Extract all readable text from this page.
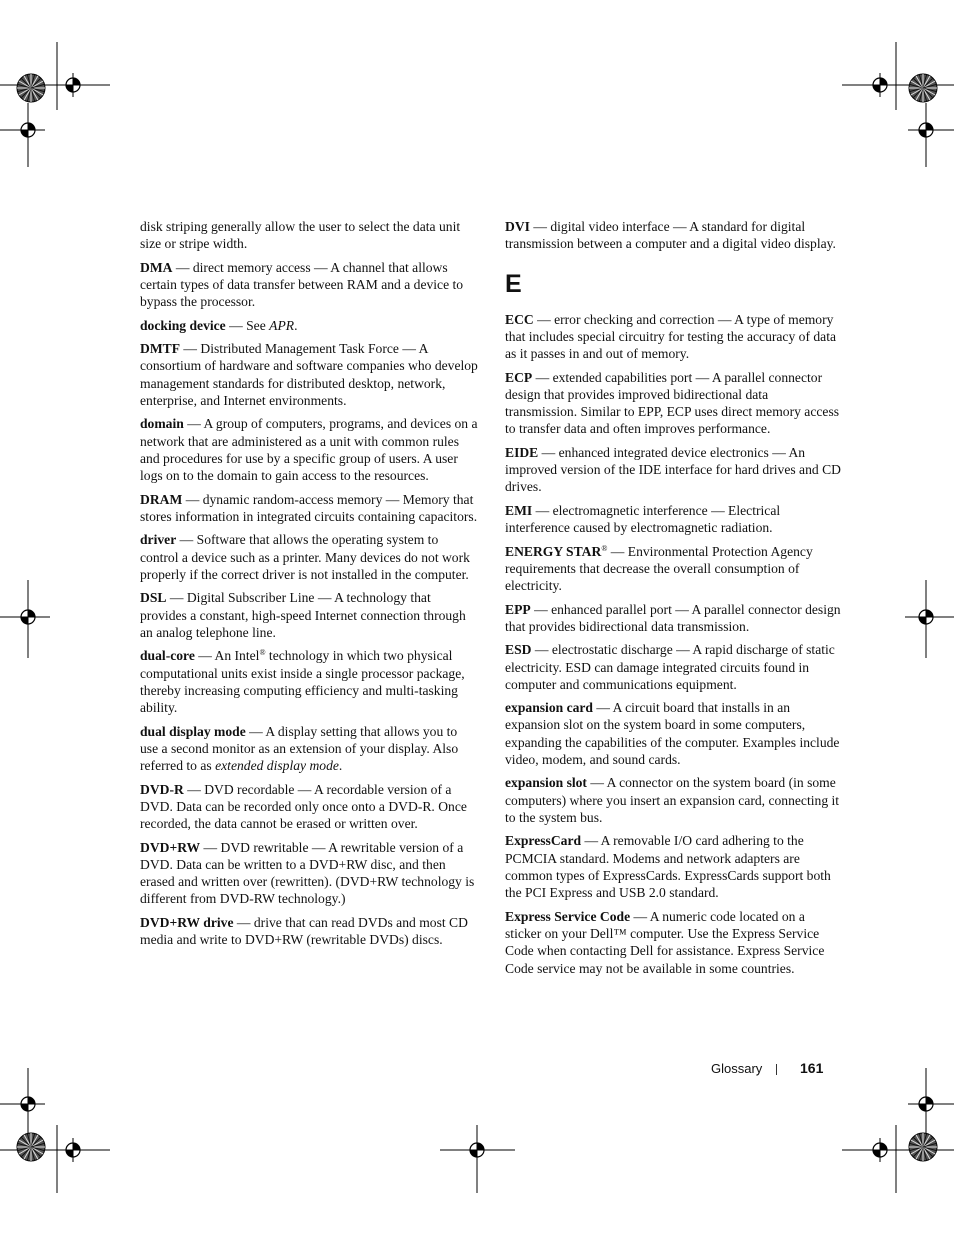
disk striping generally allow the user to select the data unit size or stripe width.
DMA — direct memory access — A channel that allows certain types of data transfer between RAM and a device to bypass the processor.
docking device — See APR.
DMTF — Distributed Management Task Force — A consortium of hardware and software companies who develop management standards for distributed desktop, network, enterprise, and Internet environments.
domain — A group of computers, programs, and devices on a network that are administered as a unit with common rules and procedures for use by a specific group of users. A user logs on to the domain to gain access to the resources.
DRAM — dynamic random-access memory — Memory that stores information in integrated circuits containing capacitors.
driver — Software that allows the operating system to control a device such as a printer. Many devices do not work properly if the correct driver is not installed in the computer.
DSL — Digital Subscriber Line — A technology that provides a constant, high-speed Internet connection through an analog telephone line.
dual-core — An Intel® technology in which two physical computational units exist inside a single processor package, thereby increasing computing efficiency and multi-tasking ability.
dual display mode — A display setting that allows you to use a second monitor as an extension of your display. Also referred to as extended display mode.
DVD-R — DVD recordable — A recordable version of a DVD. Data can be recorded only once onto a DVD-R. Once recorded, the data cannot be erased or written over.
DVD+RW — DVD rewritable — A rewritable version of a DVD. Data can be written to a DVD+RW disc, and then erased and written over (rewritten). (DVD+RW technology is different from DVD-RW technology.)
DVD+RW drive — drive that can read DVDs and most CD media and write to DVD+RW (rewritable DVDs) discs.
DVI — digital video interface — A standard for digital transmission between a computer and a digital video display.
E
ECC — error checking and correction — A type of memory that includes special circuitry for testing the accuracy of data as it passes in and out of memory.
ECP — extended capabilities port — A parallel connector design that provides improved bidirectional data transmission. Similar to EPP, ECP uses direct memory access to transfer data and often improves performance.
EIDE — enhanced integrated device electronics — An improved version of the IDE interface for hard drives and CD drives.
EMI — electromagnetic interference — Electrical interference caused by electromagnetic radiation.
ENERGY STAR® — Environmental Protection Agency requirements that decrease the overall consumption of electricity.
EPP — enhanced parallel port — A parallel connector design that provides bidirectional data transmission.
ESD — electrostatic discharge — A rapid discharge of static electricity. ESD can damage integrated circuits found in computer and communications equipment.
expansion card — A circuit board that installs in an expansion slot on the system board in some computers, expanding the capabilities of the computer. Examples include video, modem, and sound cards.
expansion slot — A connector on the system board (in some computers) where you insert an expansion card, connecting it to the system bus.
ExpressCard — A removable I/O card adhering to the PCMCIA standard. Modems and network adapters are common types of ExpressCards. ExpressCards support both the PCI Express and USB 2.0 standard.
Express Service Code — A numeric code located on a sticker on your Dell™ computer. Use the Express Service Code when contacting Dell for assistance. Express Service Code service may not be available in some countries.
Glossary	161
